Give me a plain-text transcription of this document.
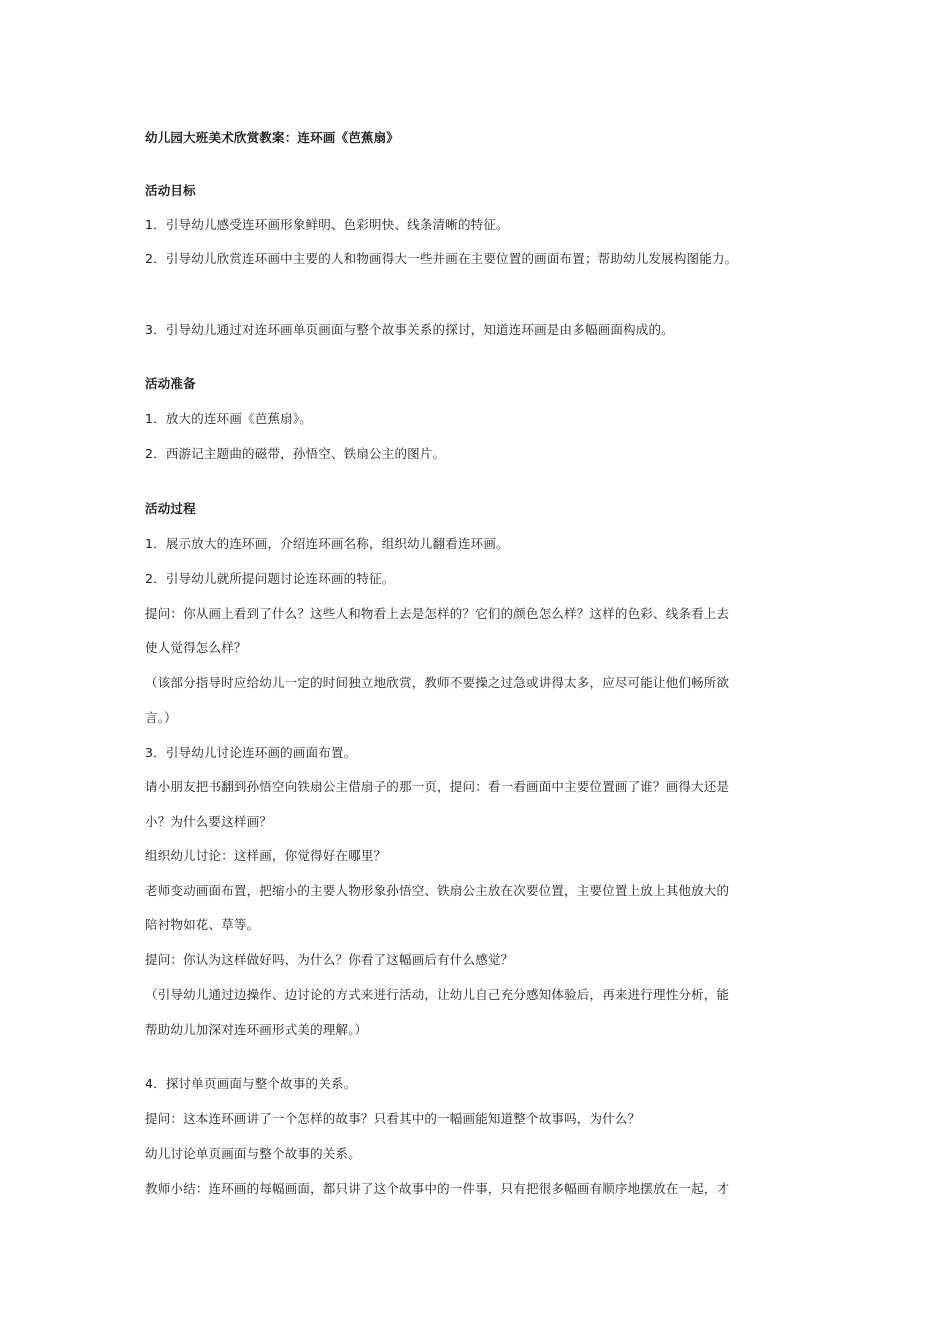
幼儿园大班美术欣赏教案：连环画《芭蕉扇》
活动目标
1．引导幼儿感受连环画形象鲜明、色彩明快、线条清晰的特征。
2．引导幼儿欣赏连环画中主要的人和物画得大一些并画在主要位置的画面布置；帮助幼儿发展构图能力。
3．引导幼儿通过对连环画单页画面与整个故事关系的探讨，知道连环画是由多幅画面构成的。
活动准备
1．放大的连环画《芭蕉扇》。
2．西游记主题曲的磁带，孙悟空、铁扇公主的图片。
活动过程
1．展示放大的连环画，介绍连环画名称，组织幼儿翻看连环画。
2．引导幼儿就所提问题讨论连环画的特征。
提问：你从画上看到了什么？这些人和物看上去是怎样的？它们的颜色怎么样？这样的色彩、线条看上去
使人觉得怎么样？
（该部分指导时应给幼儿一定的时间独立地欣赏，教师不要操之过急或讲得太多，应尽可能让他们畅所欲
言。）
3．引导幼儿讨论连环画的画面布置。
请小朋友把书翻到孙悟空向铁扇公主借扇子的那一页，提问：看一看画面中主要位置画了谁？画得大还是
小？为什么要这样画？
组织幼儿讨论：这样画，你觉得好在哪里？
老师变动画面布置，把缩小的主要人物形象孙悟空、铁扇公主放在次要位置，主要位置上放上其他放大的
陪衬物如花、草等。
提问：你认为这样做好吗，为什么？你看了这幅画后有什么感觉？
（引导幼儿通过边操作、边讨论的方式来进行活动，让幼儿自己充分感知体验后，再来进行理性分析，能
帮助幼儿加深对连环画形式美的理解。）
4．探讨单页画面与整个故事的关系。
提问：这本连环画讲了一个怎样的故事？只看其中的一幅画能知道整个故事吗，为什么？
幼儿讨论单页画面与整个故事的关系。
教师小结：连环画的每幅画面，都只讲了这个故事中的一件事，只有把很多幅画有顺序地摆放在一起，才
